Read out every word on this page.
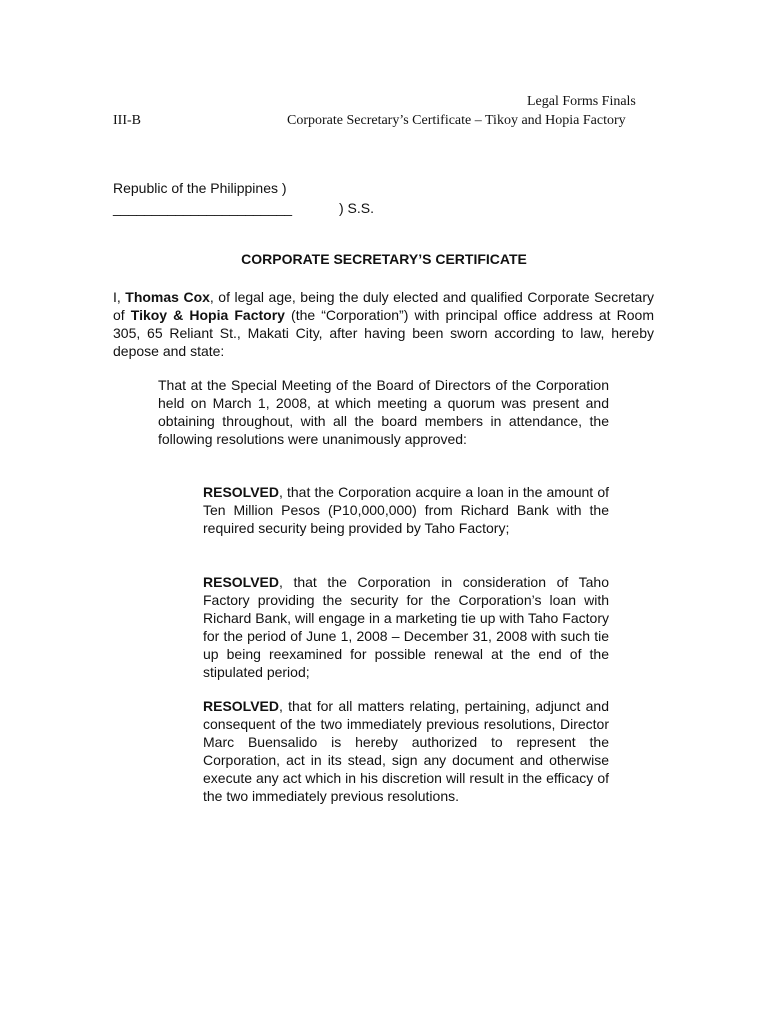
Legal Forms Finals
III-B	Corporate Secretary’s Certificate – Tikoy and Hopia Factory
Republic of the Philippines )
_______________________	) S.S.
CORPORATE SECRETARY’S CERTIFICATE
I, Thomas Cox, of legal age, being the duly elected and qualified Corporate Secretary of Tikoy & Hopia Factory (the “Corporation”) with principal office address at Room 305, 65 Reliant St., Makati City, after having been sworn according to law, hereby depose and state:
That at the Special Meeting of the Board of Directors of the Corporation held on March 1, 2008, at which meeting a quorum was present and obtaining throughout, with all the board members in attendance, the following resolutions were unanimously approved:
RESOLVED, that the Corporation acquire a loan in the amount of Ten Million Pesos (P10,000,000) from Richard Bank with the required security being provided by Taho Factory;
RESOLVED, that the Corporation in consideration of Taho Factory providing the security for the Corporation’s loan with Richard Bank, will engage in a marketing tie up with Taho Factory for the period of June 1, 2008 – December 31, 2008 with such tie up being reexamined for possible renewal at the end of the stipulated period;
RESOLVED, that for all matters relating, pertaining, adjunct and consequent of the two immediately previous resolutions, Director Marc Buensalido is hereby authorized to represent the Corporation, act in its stead, sign any document and otherwise execute any act which in his discretion will result in the efficacy of the two immediately previous resolutions.
